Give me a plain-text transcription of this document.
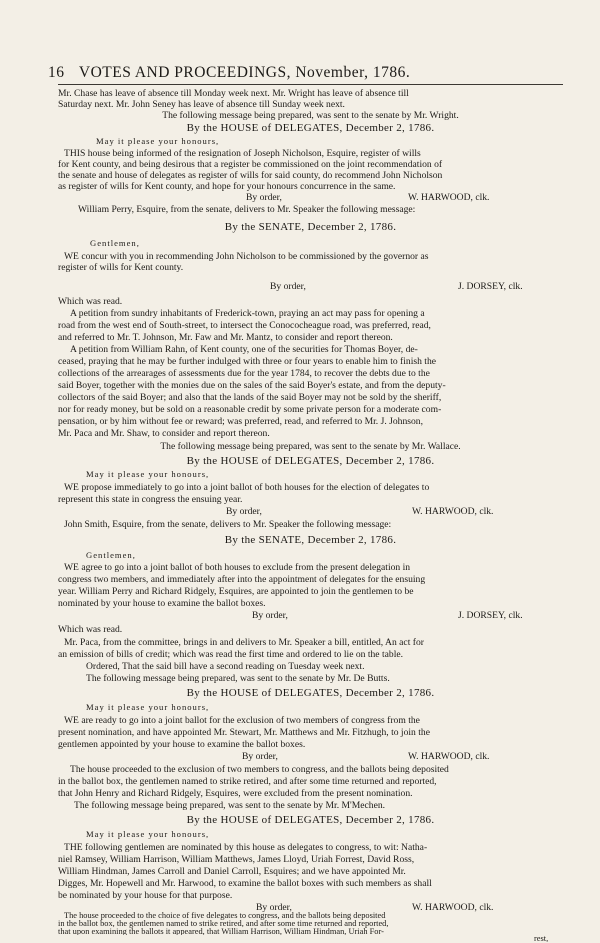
16 VOTES AND PROCEEDINGS, November, 1786.
Mr. Chase has leave of absence till Monday week next. Mr. Wright has leave of absence till
Saturday next. Mr. John Seney has leave of absence till Sunday week next.
The following message being prepared, was sent to the senate by Mr. Wright.
By the HOUSE of DELEGATES, December 2, 1786.
May it please your honours,
THIS house being informed of the resignation of Joseph Nicholson, Esquire, register of wills
for Kent county, and being desirous that a register be commissioned on the joint recommendation of
the senate and house of delegates as register of wills for said county, do recommend John Nicholson
as register of wills for Kent county, and hope for your honours concurrence in the same.
By order,	W. HARWOOD, clk.
William Perry, Esquire, from the senate, delivers to Mr. Speaker the following message:
By the SENATE, December 2, 1786.
Gentlemen,
WE concur with you in recommending John Nicholson to be commissioned by the governor as
register of wills for Kent county.
By order,	J. DORSEY, clk.
Which was read.
A petition from sundry inhabitants of Frederick-town, praying an act may pass for opening a
road from the west end of South-street, to intersect the Conococheague road, was preferred, read,
and referred to Mr. T. Johnson, Mr. Faw and Mr. Mantz, to consider and report thereon.
A petition from William Rahn, of Kent county, one of the securities for Thomas Boyer, de-
ceased, praying that he may be further indulged with three or four years to enable him to finish the
collections of the arrearages of assessments due for the year 1784, to recover the debts due to the
said Boyer, together with the monies due on the sales of the said Boyer's estate, and from the deputy-
collectors of the said Boyer; and also that the lands of the said Boyer may not be sold by the sheriff,
nor for ready money, but be sold on a reasonable credit by some private person for a moderate com-
pensation, or by him without fee or reward; was preferred, read, and referred to Mr. J. Johnson,
Mr. Paca and Mr. Shaw, to consider and report thereon.
The following message being prepared, was sent to the senate by Mr. Wallace.
By the HOUSE of DELEGATES, December 2, 1786.
May it please your honours,
WE propose immediately to go into a joint ballot of both houses for the election of delegates to
represent this state in congress the ensuing year.
By order,	W. HARWOOD, clk.
John Smith, Esquire, from the senate, delivers to Mr. Speaker the following message:
By the SENATE, December 2, 1786.
Gentlemen,
WE agree to go into a joint ballot of both houses to exclude from the present delegation in
congress two members, and immediately after into the appointment of delegates for the ensuing
year. William Perry and Richard Ridgely, Esquires, are appointed to join the gentlemen to be
nominated by your house to examine the ballot boxes.
By order,	J. DORSEY, clk.
Which was read.
Mr. Paca, from the committee, brings in and delivers to Mr. Speaker a bill, entitled, An act for
an emission of bills of credit; which was read the first time and ordered to lie on the table.
Ordered, That the said bill have a second reading on Tuesday week next.
The following message being prepared, was sent to the senate by Mr. De Butts.
By the HOUSE of DELEGATES, December 2, 1786.
May it please your honours,
WE are ready to go into a joint ballot for the exclusion of two members of congress from the
present nomination, and have appointed Mr. Stewart, Mr. Matthews and Mr. Fitzhugh, to join the
gentlemen appointed by your house to examine the ballot boxes.
By order,	W. HARWOOD, clk.
The house proceeded to the exclusion of two members to congress, and the ballots being deposited
in the ballot box, the gentlemen named to strike retired, and after some time returned and reported,
that John Henry and Richard Ridgely, Esquires, were excluded from the present nomination.
The following message being prepared, was sent to the senate by Mr. M'Mechen.
By the HOUSE of DELEGATES, December 2, 1786.
May it please your honours,
THE following gentlemen are nominated by this house as delegates to congress, to wit: Natha-
niel Ramsey, William Harrison, William Matthews, James Lloyd, Uriah Forrest, David Ross,
William Hindman, James Carroll and Daniel Carroll, Esquires; and we have appointed Mr.
Digges, Mr. Hopewell and Mr. Harwood, to examine the ballot boxes with such members as shall
be nominated by your house for that purpose.
By order,	W. HARWOOD, clk.
The house proceeded to the choice of five delegates to congress, and the ballots being deposited
in the ballot box, the gentlemen named to strike retired, and after some time returned and reported,
that upon examining the ballots it appeared, that William Harrison, William Hindman, Uriah For-
rest,
